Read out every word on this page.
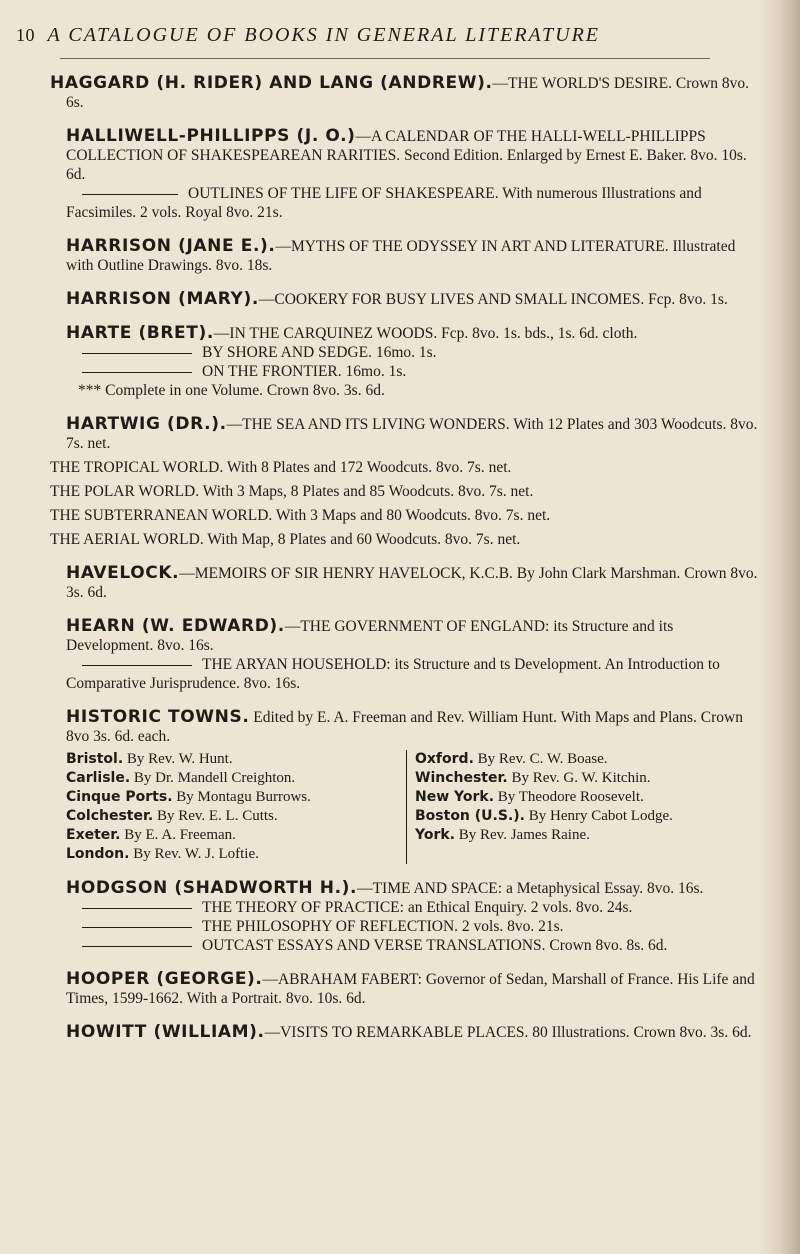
10 A CATALOGUE OF BOOKS IN GENERAL LITERATURE

HAGGARD (H. RIDER) AND LANG (ANDREW).—THE WORLD'S DESIRE. Crown 8vo. 6s.

HALLIWELL-PHILLIPPS (J. O.)—A CALENDAR OF THE HALLI-WELL-PHILLIPPS COLLECTION OF SHAKESPEAREAN RARITIES. Second Edition. Enlarged by Ernest E. Baker. 8vo. 10s. 6d.

OUTLINES OF THE LIFE OF SHAKESPEARE. With numerous Illustrations and Facsimiles. 2 vols. Royal 8vo. 21s.

HARRISON (JANE E.).—MYTHS OF THE ODYSSEY IN ART AND LITERATURE. Illustrated with Outline Drawings. 8vo. 18s.

HARRISON (MARY).—COOKERY FOR BUSY LIVES AND SMALL INCOMES. Fcp. 8vo. 1s.

HARTE (BRET).—IN THE CARQUINEZ WOODS. Fcp. 8vo. 1s. bds., 1s. 6d. cloth.

BY SHORE AND SEDGE. 16mo. 1s.

ON THE FRONTIER. 16mo. 1s.

*** Complete in one Volume. Crown 8vo. 3s. 6d.

HARTWIG (DR.).—THE SEA AND ITS LIVING WONDERS. With 12 Plates and 303 Woodcuts. 8vo. 7s. net.

THE TROPICAL WORLD. With 8 Plates and 172 Woodcuts. 8vo. 7s. net.

THE POLAR WORLD. With 3 Maps, 8 Plates and 85 Woodcuts. 8vo. 7s. net.

THE SUBTERRANEAN WORLD. With 3 Maps and 80 Woodcuts. 8vo. 7s. net.

THE AERIAL WORLD. With Map, 8 Plates and 60 Woodcuts. 8vo. 7s. net.

HAVELOCK.—MEMOIRS OF SIR HENRY HAVELOCK, K.C.B. By John Clark Marshman. Crown 8vo. 3s. 6d.

HEARN (W. EDWARD).—THE GOVERNMENT OF ENGLAND: its Structure and its Development. 8vo. 16s.

THE ARYAN HOUSEHOLD: its Structure and ts Development. An Introduction to Comparative Jurisprudence. 8vo. 16s.

HISTORIC TOWNS. Edited by E. A. Freeman and Rev. William Hunt. With Maps and Plans. Crown 8vo 3s. 6d. each.

Bristol. By Rev. W. Hunt.

Carlisle. By Dr. Mandell Creighton.

Cinque Ports. By Montagu Burrows.

Colchester. By Rev. E. L. Cutts.

Exeter. By E. A. Freeman.

London. By Rev. W. J. Loftie.

Oxford. By Rev. C. W. Boase.

Winchester. By Rev. G. W. Kitchin.

New York. By Theodore Roosevelt.

Boston (U.S.). By Henry Cabot Lodge.

York. By Rev. James Raine.

HODGSON (SHADWORTH H.).—TIME AND SPACE: a Metaphysical Essay. 8vo. 16s.

THE THEORY OF PRACTICE: an Ethical Enquiry. 2 vols. 8vo. 24s.

THE PHILOSOPHY OF REFLECTION. 2 vols. 8vo. 21s.

OUTCAST ESSAYS AND VERSE TRANSLATIONS. Crown 8vo. 8s. 6d.

HOOPER (GEORGE).—ABRAHAM FABERT: Governor of Sedan, Marshall of France. His Life and Times, 1599-1662. With a Portrait. 8vo. 10s. 6d.

HOWITT (WILLIAM).—VISITS TO REMARKABLE PLACES. 80 Illustrations. Crown 8vo. 3s. 6d.
